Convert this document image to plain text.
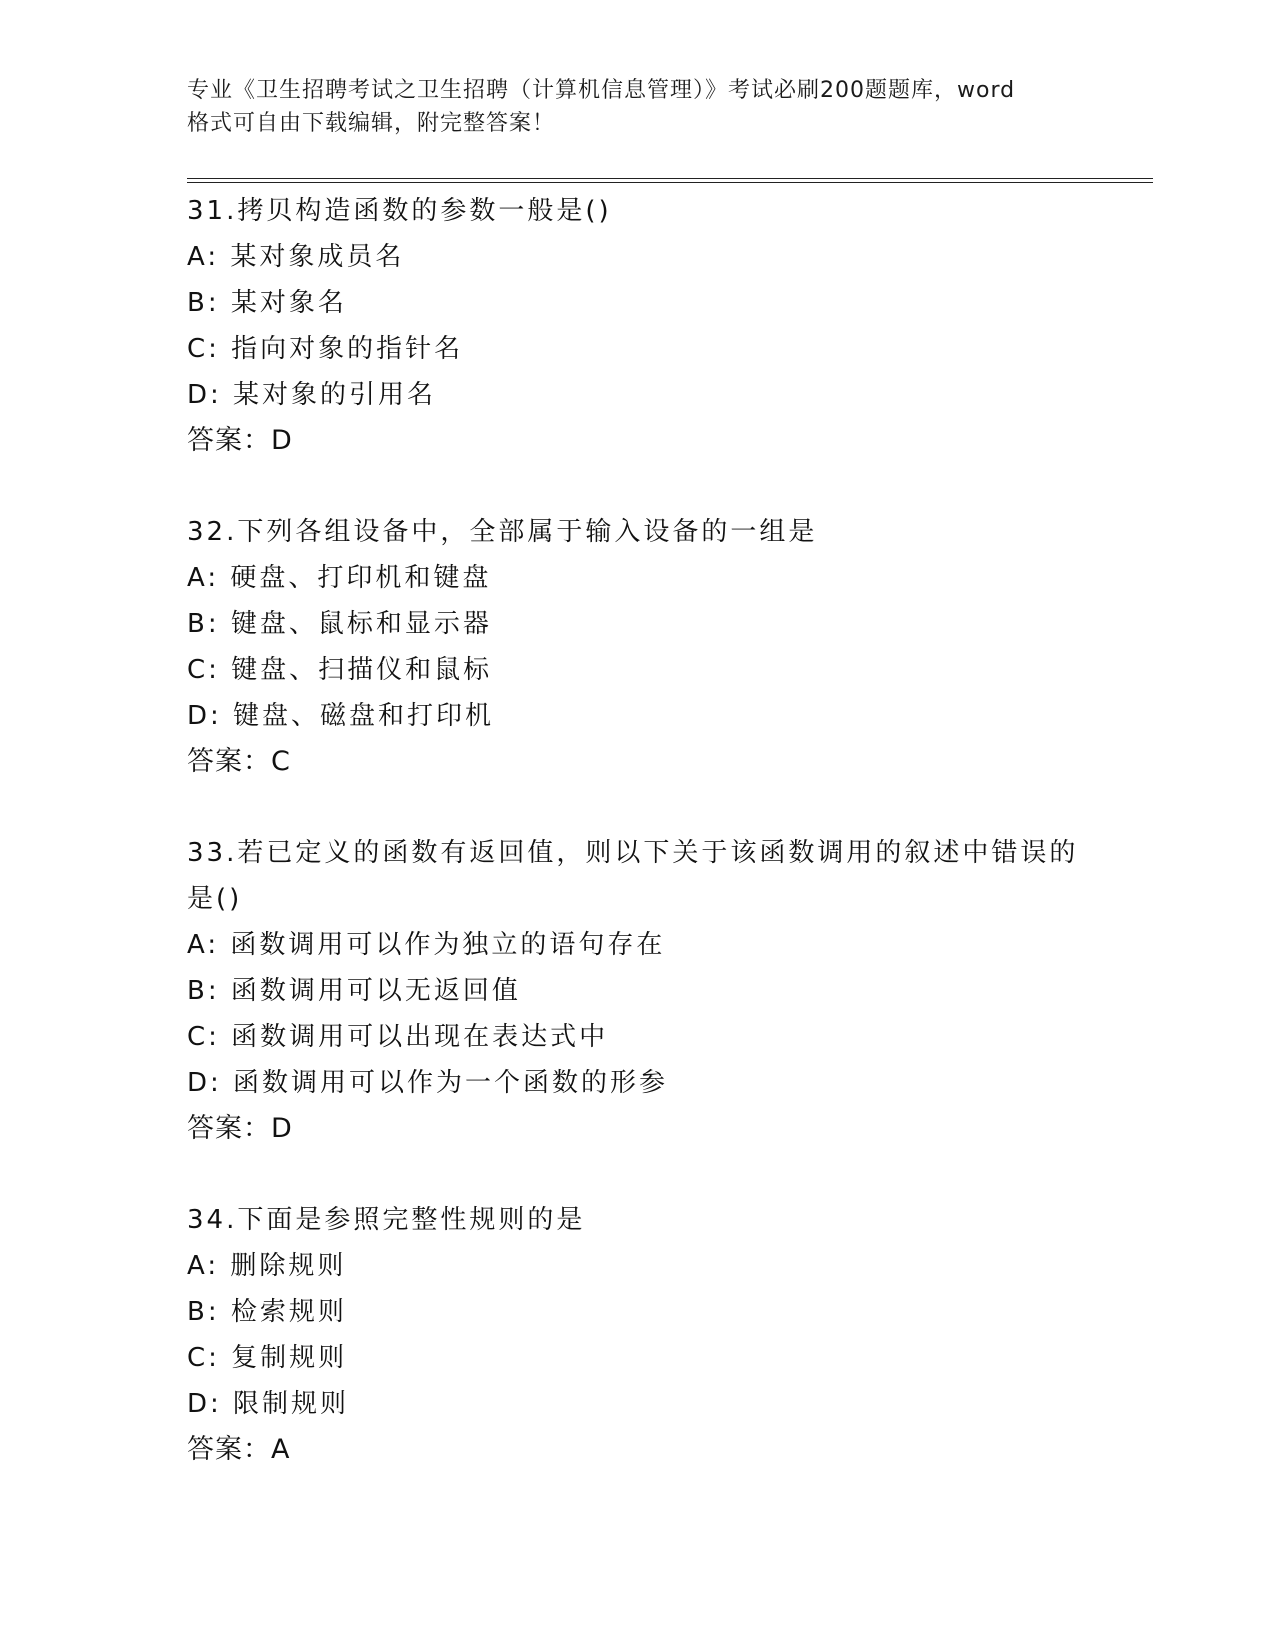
专业《卫生招聘考试之卫生招聘（计算机信息管理）》考试必刷200题题库，word
格式可自由下载编辑，附完整答案！
31.拷贝构造函数的参数一般是()
A: 某对象成员名
B: 某对象名
C: 指向对象的指针名
D: 某对象的引用名
答案：D
32.下列各组设备中，全部属于输入设备的一组是
A: 硬盘、打印机和键盘
B: 键盘、鼠标和显示器
C: 键盘、扫描仪和鼠标
D: 键盘、磁盘和打印机
答案：C
33.若已定义的函数有返回值，则以下关于该函数调用的叙述中错误的
是()
A: 函数调用可以作为独立的语句存在
B: 函数调用可以无返回值
C: 函数调用可以出现在表达式中
D: 函数调用可以作为一个函数的形参
答案：D
34.下面是参照完整性规则的是
A: 删除规则
B: 检索规则
C: 复制规则
D: 限制规则
答案：A
